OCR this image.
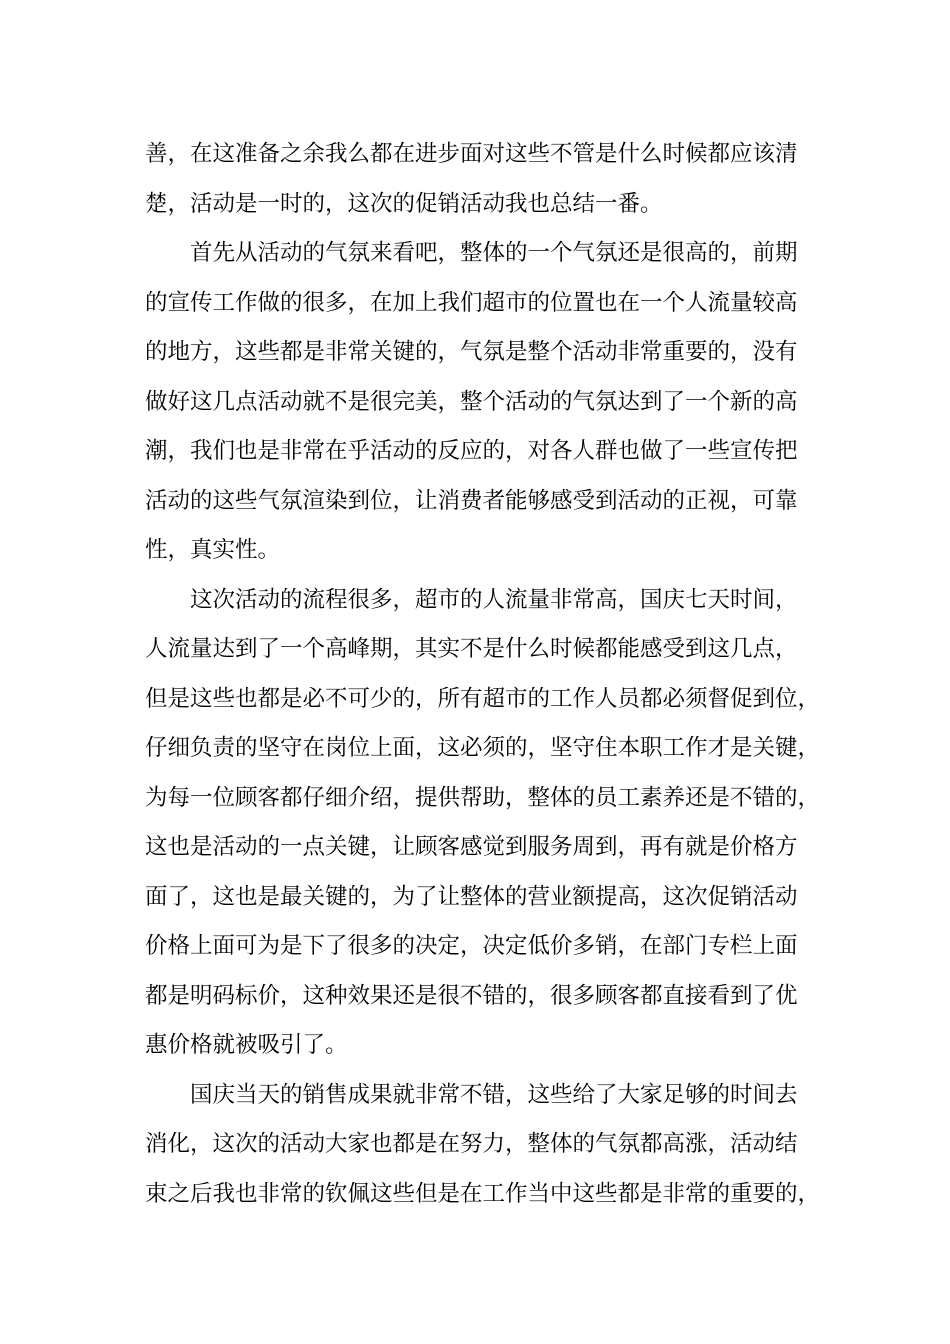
善，在这准备之余我么都在进步面对这些不管是什么时候都应该清
楚，活动是一时的，这次的促销活动我也总结一番。
首先从活动的气氛来看吧，整体的一个气氛还是很高的，前期
的宣传工作做的很多，在加上我们超市的位置也在一个人流量较高
的地方，这些都是非常关键的，气氛是整个活动非常重要的，没有
做好这几点活动就不是很完美，整个活动的气氛达到了一个新的高
潮，我们也是非常在乎活动的反应的，对各人群也做了一些宣传把
活动的这些气氛渲染到位，让消费者能够感受到活动的正视，可靠
性，真实性。
这次活动的流程很多，超市的人流量非常高，国庆七天时间，
人流量达到了一个高峰期，其实不是什么时候都能感受到这几点，
但是这些也都是必不可少的，所有超市的工作人员都必须督促到位，
仔细负责的坚守在岗位上面，这必须的，坚守住本职工作才是关键，
为每一位顾客都仔细介绍，提供帮助，整体的员工素养还是不错的，
这也是活动的一点关键，让顾客感觉到服务周到，再有就是价格方
面了，这也是最关键的，为了让整体的营业额提高，这次促销活动
价格上面可为是下了很多的决定，决定低价多销，在部门专栏上面
都是明码标价，这种效果还是很不错的，很多顾客都直接看到了优
惠价格就被吸引了。
国庆当天的销售成果就非常不错，这些给了大家足够的时间去
消化，这次的活动大家也都是在努力，整体的气氛都高涨，活动结
束之后我也非常的钦佩这些但是在工作当中这些都是非常的重要的，
